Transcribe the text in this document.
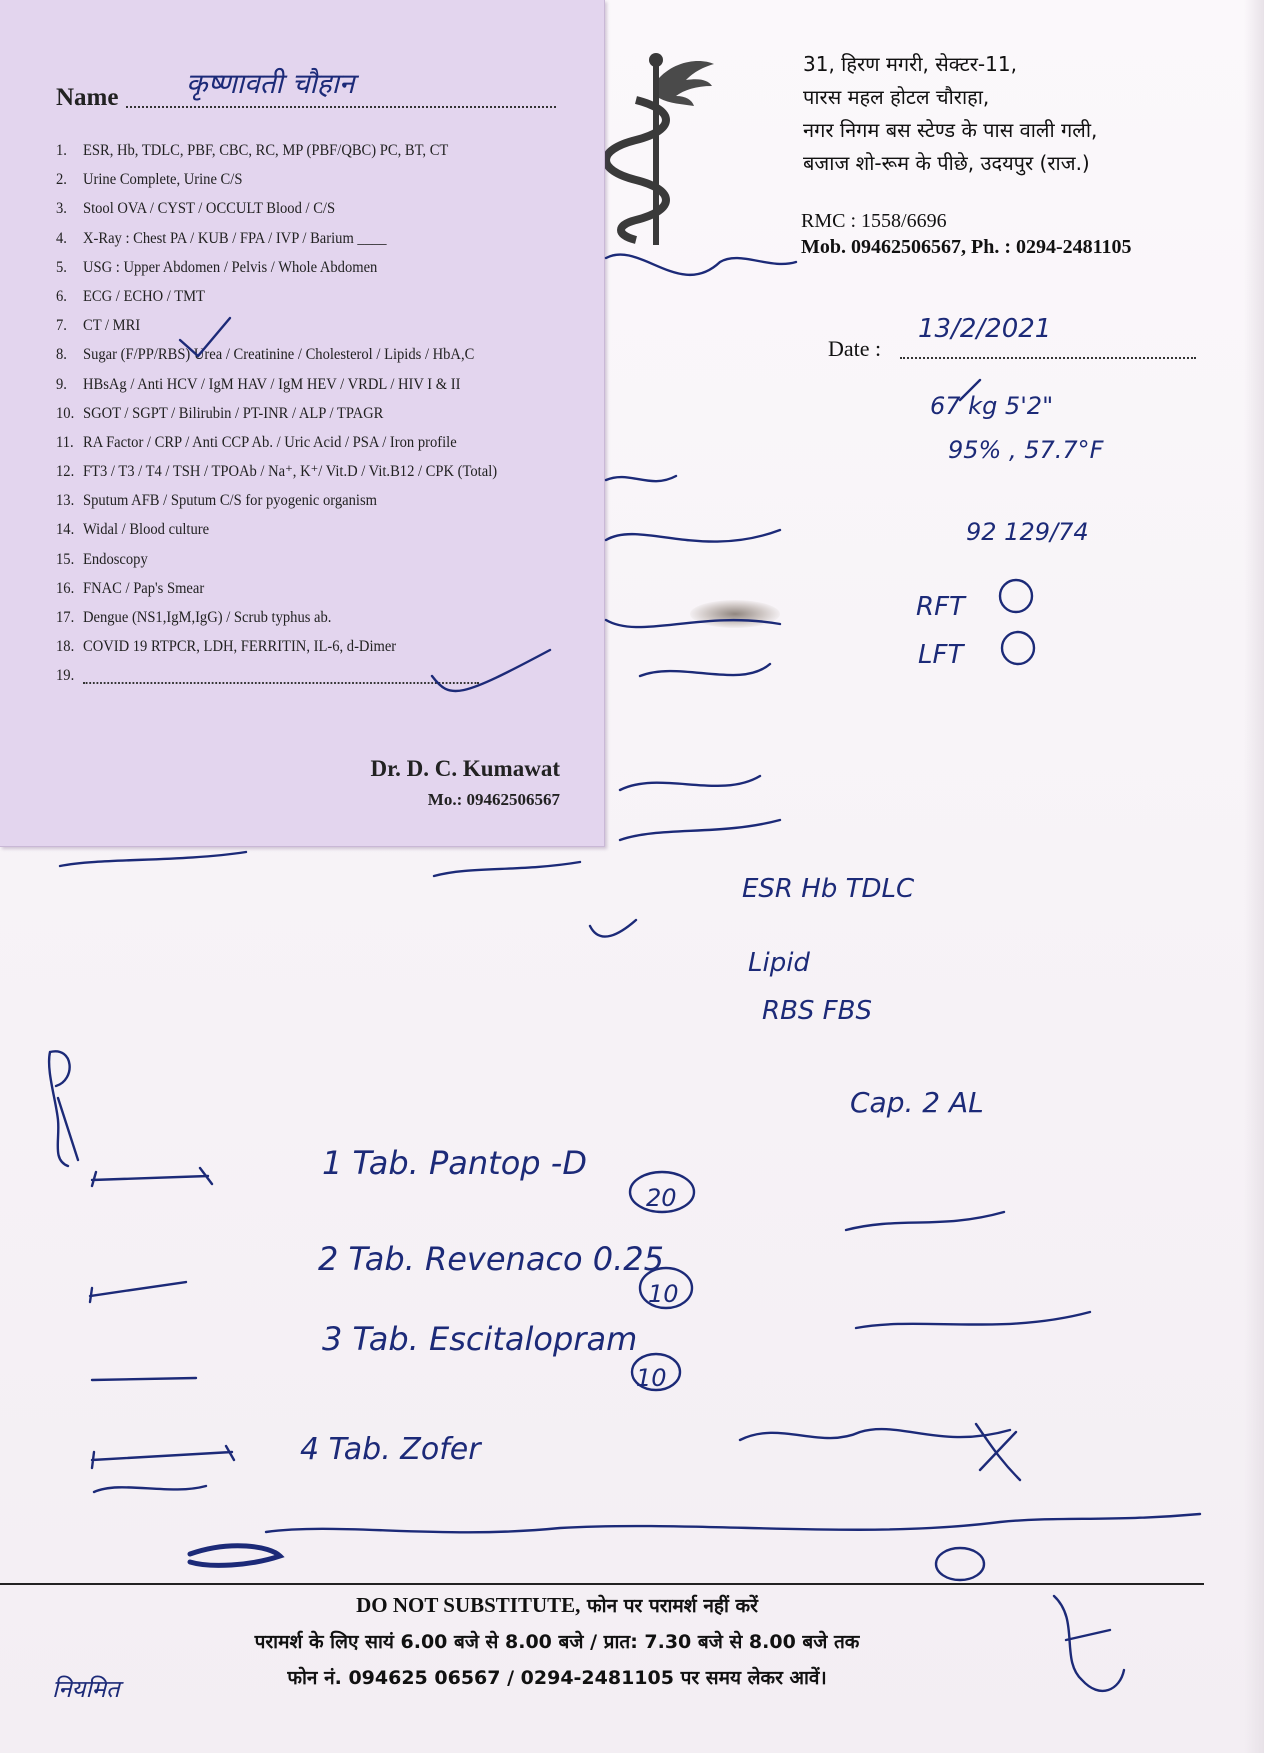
31, हिरण मगरी, सेक्टर-11,
पारस महल होटल चौराहा,
नगर निगम बस स्टेण्ड के पास वाली गली,
बजाज शो-रूम के पीछे, उदयपुर (राज.)
RMC : 1558/6696
Mob. 09462506567, Ph. : 0294-2481105
Date :
Name
1. ESR, Hb, TDLC, PBF, CBC, RC, MP (PBF/QBC) PC, BT, CT
2. Urine Complete, Urine C/S
3. Stool OVA / CYST / OCCULT Blood / C/S
4. X-Ray : Chest PA / KUB / FPA / IVP / Barium ____
5. USG : Upper Abdomen / Pelvis / Whole Abdomen
6. ECG / ECHO / TMT
7. CT / MRI
8. Sugar (F/PP/RBS) Urea / Creatinine / Cholesterol / Lipids / HbA,C
9. HBsAg / Anti HCV / IgM HAV / IgM HEV / VRDL / HIV I & II
10. SGOT / SGPT / Bilirubin / PT-INR / ALP / TPAGR
11. RA Factor / CRP / Anti CCP Ab. / Uric Acid / PSA / Iron profile
12. FT3 / T3 / T4 / TSH / TPOAb / Na⁺, K⁺/ Vit.D / Vit.B12 / CPK (Total)
13. Sputum AFB / Sputum C/S for pyogenic organism
14. Widal / Blood culture
15. Endoscopy
16. FNAC / Pap's Smear
17. Dengue (NS1,IgM,IgG) / Scrub typhus ab.
18. COVID 19 RTPCR, LDH, FERRITIN, IL-6, d-Dimer
19.
Dr. D. C. Kumawat
Mo.: 09462506567
कृष्णावती चौहान
13/2/2021
67 kg 5'2"
95% , 57.7°F
92 129/74
RFT
LFT
ESR Hb TDLC
Lipid
RBS FBS
Cap. 2 AL
1 Tab. Pantop -D
20
2 Tab. Revenaco 0.25
10
3 Tab. Escitalopram
10
4 Tab. Zofer
नियमित
DO NOT SUBSTITUTE, फोन पर परामर्श नहीं करें
परामर्श के लिए सायं 6.00 बजे से 8.00 बजे / प्रात: 7.30 बजे से 8.00 बजे तक
फोन नं. 094625 06567 / 0294-2481105 पर समय लेकर आवें।
